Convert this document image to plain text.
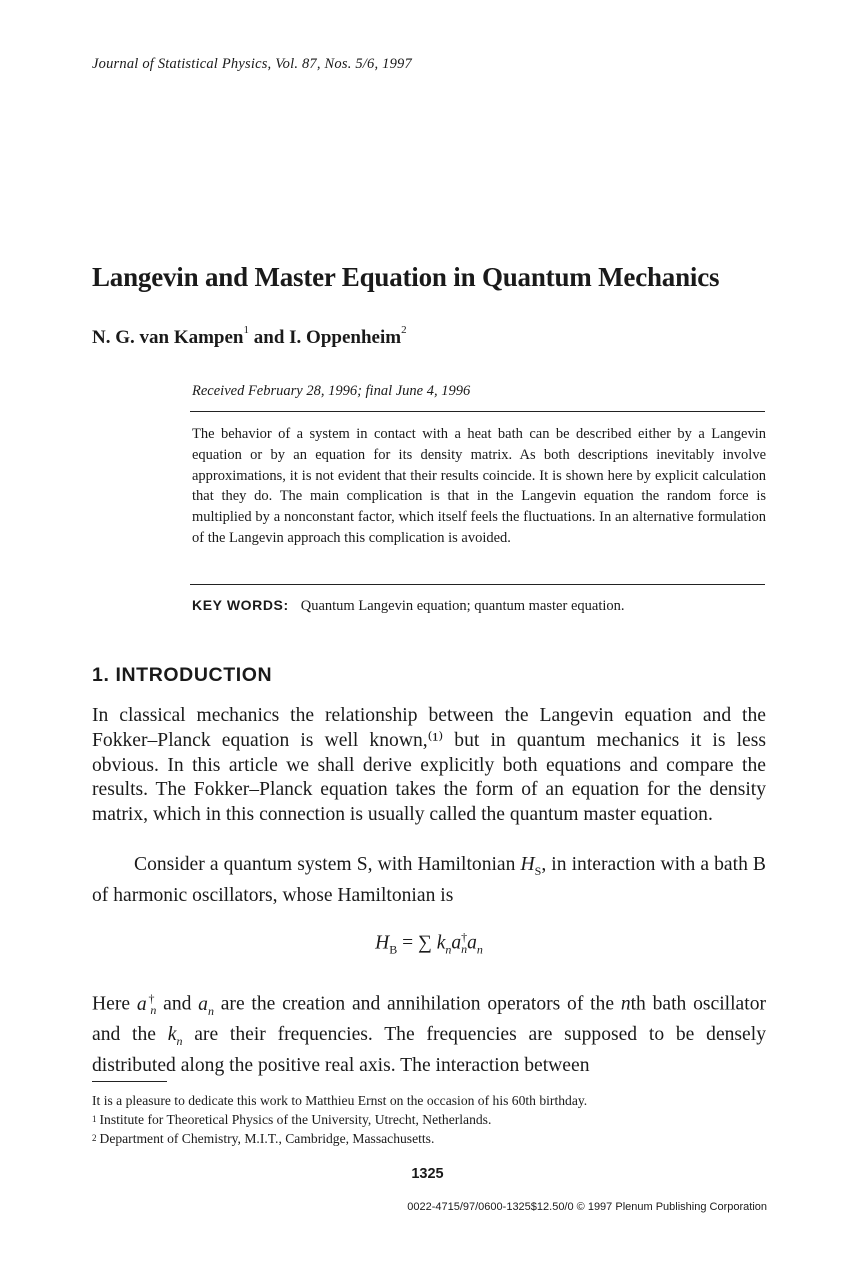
Journal of Statistical Physics, Vol. 87, Nos. 5/6, 1997
Langevin and Master Equation in Quantum Mechanics
N. G. van Kampen$^1$ and I. Oppenheim$^2$
Received February 28, 1996; final June 4, 1996
The behavior of a system in contact with a heat bath can be described either by a Langevin equation or by an equation for its density matrix. As both descriptions inevitably involve approximations, it is not evident that their results coincide. It is shown here by explicit calculation that they do. The main complication is that in the Langevin equation the random force is multiplied by a nonconstant factor, which itself feels the fluctuations. In an alternative formulation of the Langevin approach this complication is avoided.
KEY WORDS: Quantum Langevin equation; quantum master equation.
1. INTRODUCTION
In classical mechanics the relationship between the Langevin equation and the Fokker–Planck equation is well known,⁽¹⁾ but in quantum mechanics it is less obvious. In this article we shall derive explicitly both equations and compare the results. The Fokker–Planck equation takes the form of an equation for the density matrix, which in this connection is usually called the quantum master equation.
Consider a quantum system S, with Hamiltonian $H_S$, in interaction with a bath B of harmonic oscillators, whose Hamiltonian is
$H_B$ = ∑ $k_na^\dagger_na_n$
Here $a^\dagger_n$ and $a_n$ are the creation and annihilation operators of the nth bath oscillator and the $k_n$ are their frequencies. The frequencies are supposed to be densely distributed along the positive real axis. The interaction between
It is a pleasure to dedicate this work to Matthieu Ernst on the occasion of his 60th birthday.
$^1$ Institute for Theoretical Physics of the University, Utrecht, Netherlands.
$^2$ Department of Chemistry, M.I.T., Cambridge, Massachusetts.
1325
0022-4715/97/0600-1325$12.50/0 © 1997 Plenum Publishing Corporation
